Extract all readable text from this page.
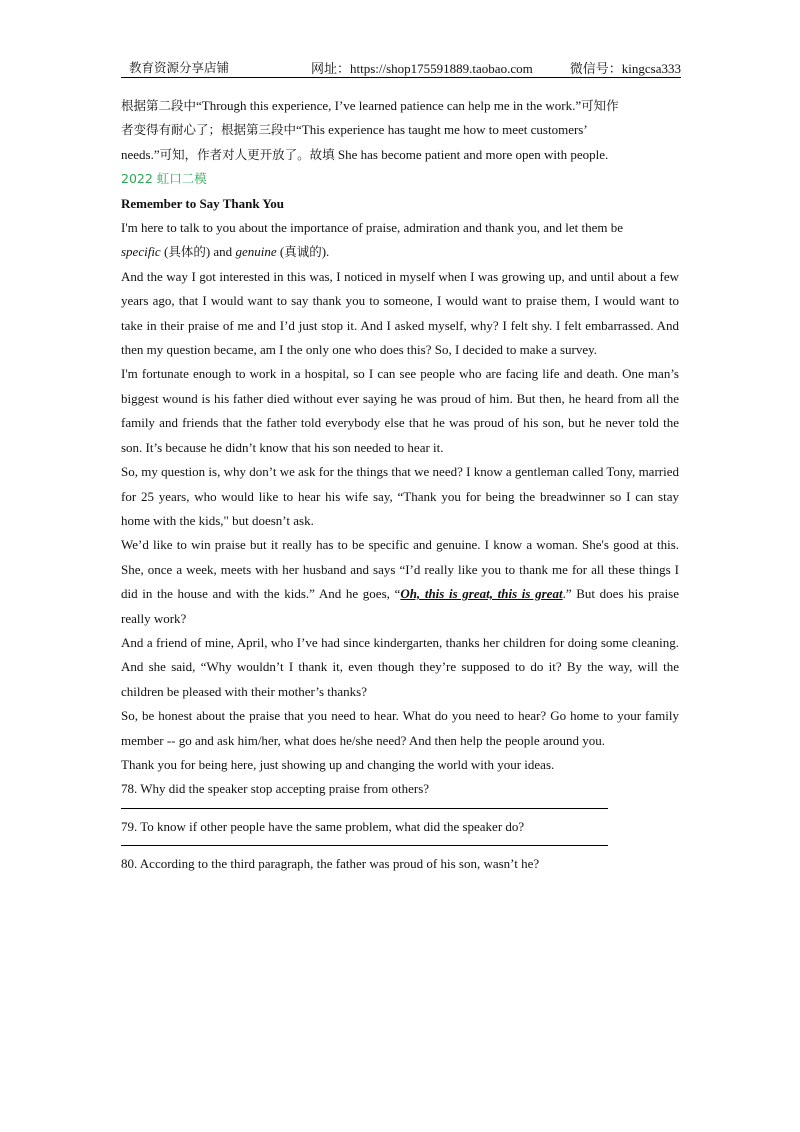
教育资源分享店铺	网址：https://shop175591889.taobao.com	微信号：kingcsa333

根据第二段中“Through this experience, I’ve learned patience can help me in the work.”可知作
者变得有耐心了；根据第三段中“This experience has taught me how to meet customers’
needs.”可知，作者对人更开放了。故填 She has become patient and more open with people.

2022 虹口二模

Remember to Say Thank You

I'm here to talk to you about the importance of praise, admiration and thank you, and let them be
specific (具体的) and genuine (真诚的).

And the way I got interested in this was, I noticed in myself when I was growing up, and until about a few years ago, that I would want to say thank you to someone, I would want to praise them, I would want to take in their praise of me and I’d just stop it. And I asked myself, why? I felt shy. I felt embarrassed. And then my question became, am I the only one who does this? So, I decided to make a survey.

I'm fortunate enough to work in a hospital, so I can see people who are facing life and death. One man’s biggest wound is his father died without ever saying he was proud of him. But then, he heard from all the family and friends that the father told everybody else that he was proud of his son, but he never told the son. It’s because he didn’t know that his son needed to hear it.

So, my question is, why don’t we ask for the things that we need? I know a gentleman called Tony, married for 25 years, who would like to hear his wife say, “Thank you for being the breadwinner so I can stay home with the kids," but doesn’t ask.

We’d like to win praise but it really has to be specific and genuine. I know a woman. She's good at this. She, once a week, meets with her husband and says “I’d really like you to thank me for all these things I did in the house and with the kids.” And he goes, “Oh, this is great, this is great.” But does his praise really work?

And a friend of mine, April, who I’ve had since kindergarten, thanks her children for doing some cleaning. And she said, “Why wouldn’t I thank it, even though they’re supposed to do it? By the way, will the children be pleased with their mother’s thanks?

So, be honest about the praise that you need to hear. What do you need to hear? Go home to your family member -- go and ask him/her, what does he/she need? And then help the people around you.

Thank you for being here, just showing up and changing the world with your ideas.

78. Why did the speaker stop accepting praise from others?

79. To know if other people have the same problem, what did the speaker do?

80. According to the third paragraph, the father was proud of his son, wasn’t he?
